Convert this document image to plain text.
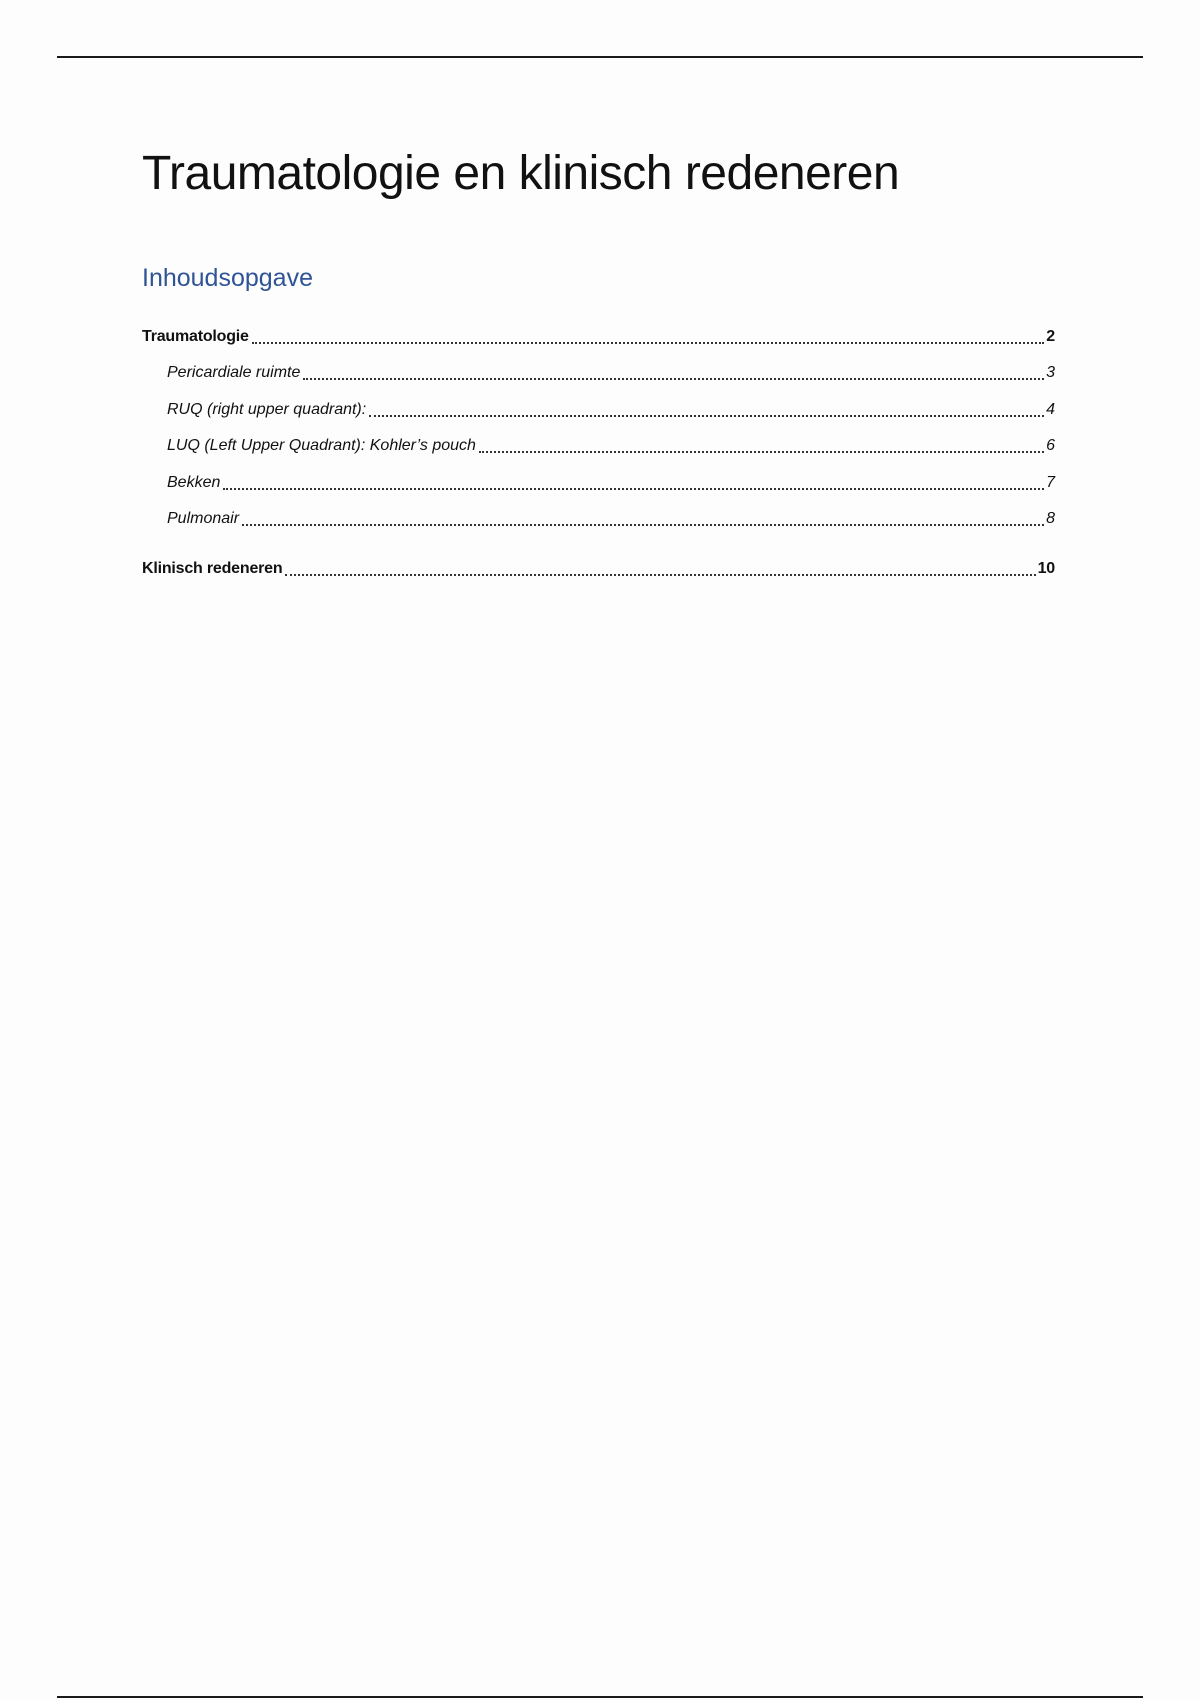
Traumatologie en klinisch redeneren
Inhoudsopgave
Traumatologie	2
Pericardiale ruimte	3
RUQ (right upper quadrant):	4
LUQ (Left Upper Quadrant): Kohler’s pouch	6
Bekken	7
Pulmonair	8
Klinisch redeneren	10
